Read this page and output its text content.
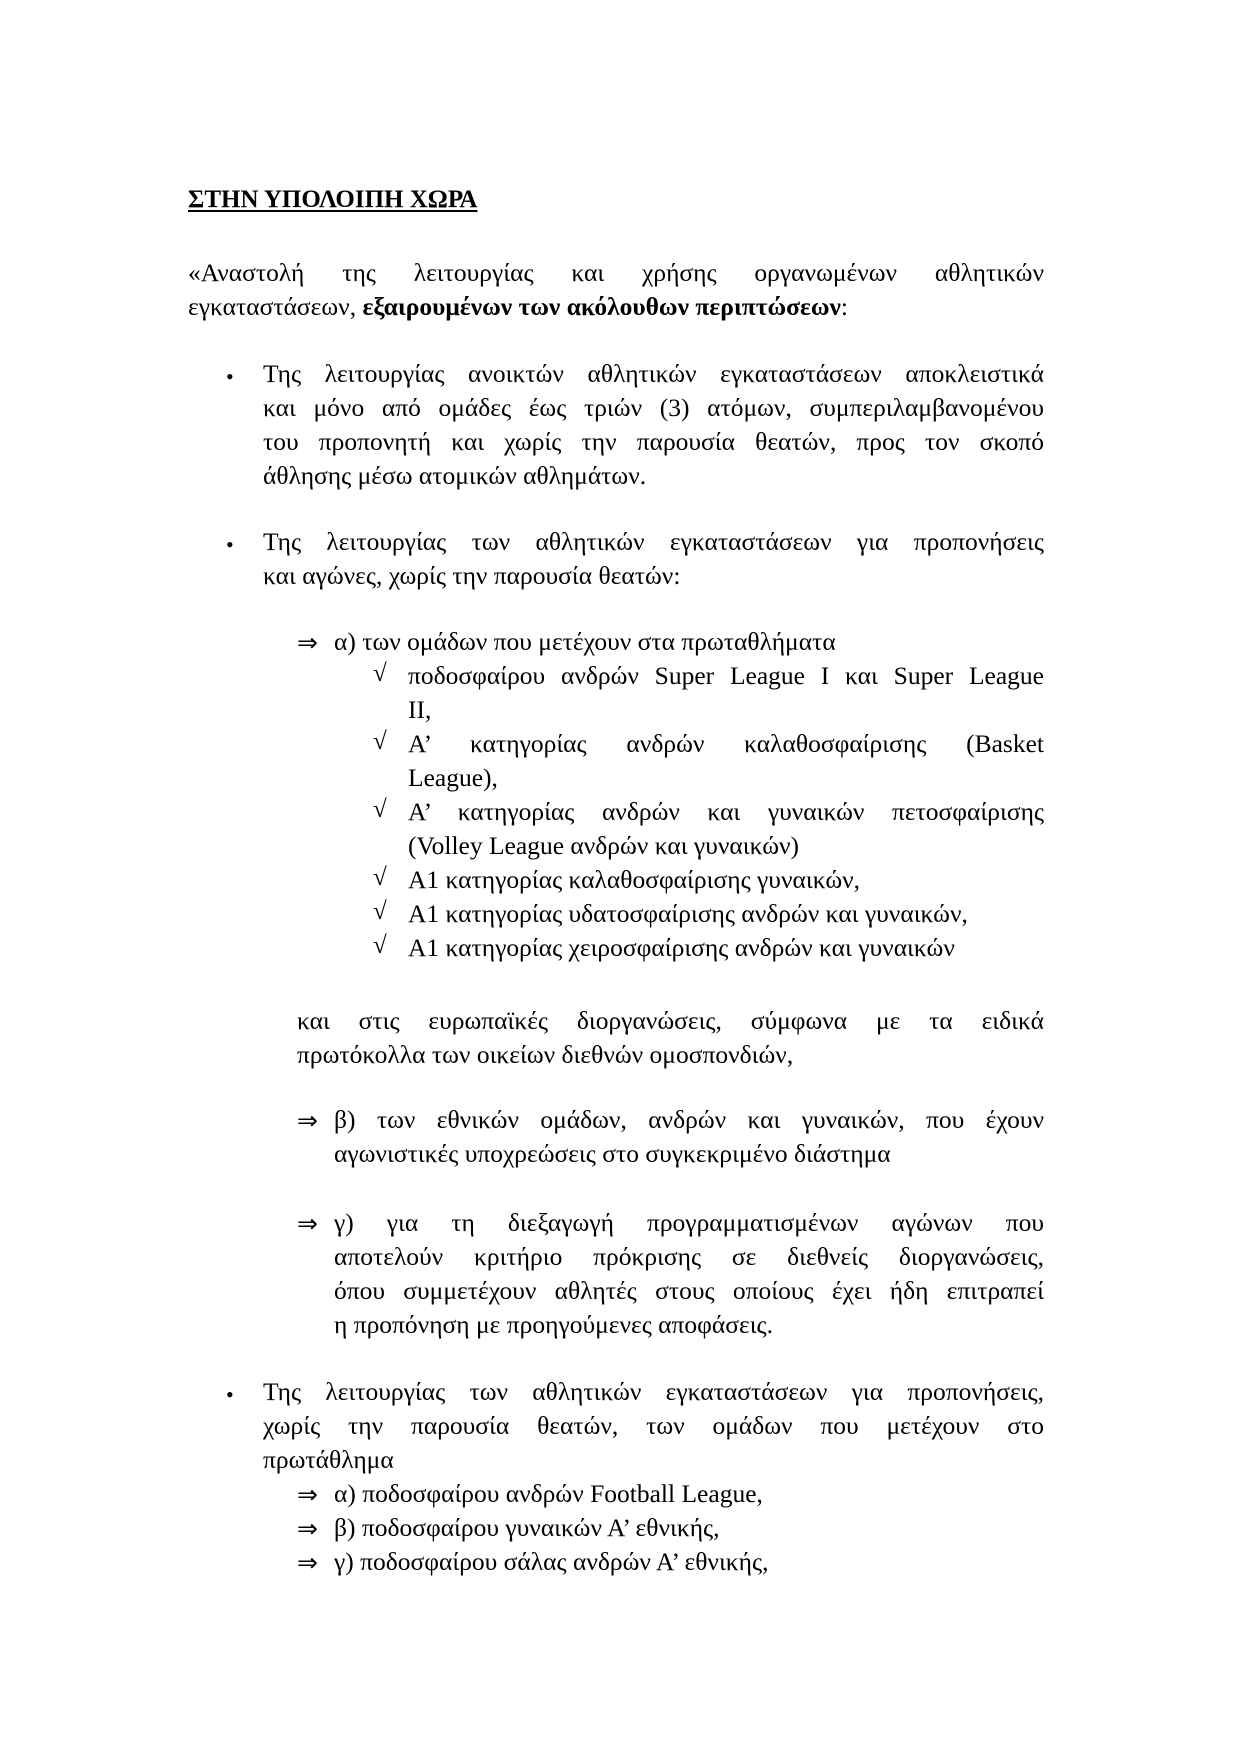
ΣΤΗΝ ΥΠΟΛΟΙΠΗ ΧΩΡΑ
«Αναστολή της λειτουργίας και χρήσης οργανωμένων αθλητικών
εγκαταστάσεων, εξαιρουμένων των ακόλουθων περιπτώσεων:
• Της λειτουργίας ανοικτών αθλητικών εγκαταστάσεων αποκλειστικά
και μόνο από ομάδες έως τριών (3) ατόμων, συμπεριλαμβανομένου
του προπονητή και χωρίς την παρουσία θεατών, προς τον σκοπό
άθλησης μέσω ατομικών αθλημάτων.
• Της λειτουργίας των αθλητικών εγκαταστάσεων για προπονήσεις
και αγώνες, χωρίς την παρουσία θεατών:
⇒ α) των ομάδων που μετέχουν στα πρωταθλήματα
√ ποδοσφαίρου ανδρών Super League I και Super League
II,
√ Α’ κατηγορίας ανδρών καλαθοσφαίρισης (Basket
League),
√ Α’ κατηγορίας ανδρών και γυναικών πετοσφαίρισης
(Volley League ανδρών και γυναικών)
√ Α1 κατηγορίας καλαθοσφαίρισης γυναικών,
√ Α1 κατηγορίας υδατοσφαίρισης ανδρών και γυναικών,
√ Α1 κατηγορίας χειροσφαίρισης ανδρών και γυναικών
και στις ευρωπαϊκές διοργανώσεις, σύμφωνα με τα ειδικά
πρωτόκολλα των οικείων διεθνών ομοσπονδιών,
⇒ β) των εθνικών ομάδων, ανδρών και γυναικών, που έχουν
αγωνιστικές υποχρεώσεις στο συγκεκριμένο διάστημα
⇒ γ) για τη διεξαγωγή προγραμματισμένων αγώνων που
αποτελούν κριτήριο πρόκρισης σε διεθνείς διοργανώσεις,
όπου συμμετέχουν αθλητές στους οποίους έχει ήδη επιτραπεί
η προπόνηση με προηγούμενες αποφάσεις.
• Της λειτουργίας των αθλητικών εγκαταστάσεων για προπονήσεις,
χωρίς την παρουσία θεατών, των ομάδων που μετέχουν στο
πρωτάθλημα
⇒ α) ποδοσφαίρου ανδρών Football League,
⇒ β) ποδοσφαίρου γυναικών Α’ εθνικής,
⇒ γ) ποδοσφαίρου σάλας ανδρών Α’ εθνικής,
